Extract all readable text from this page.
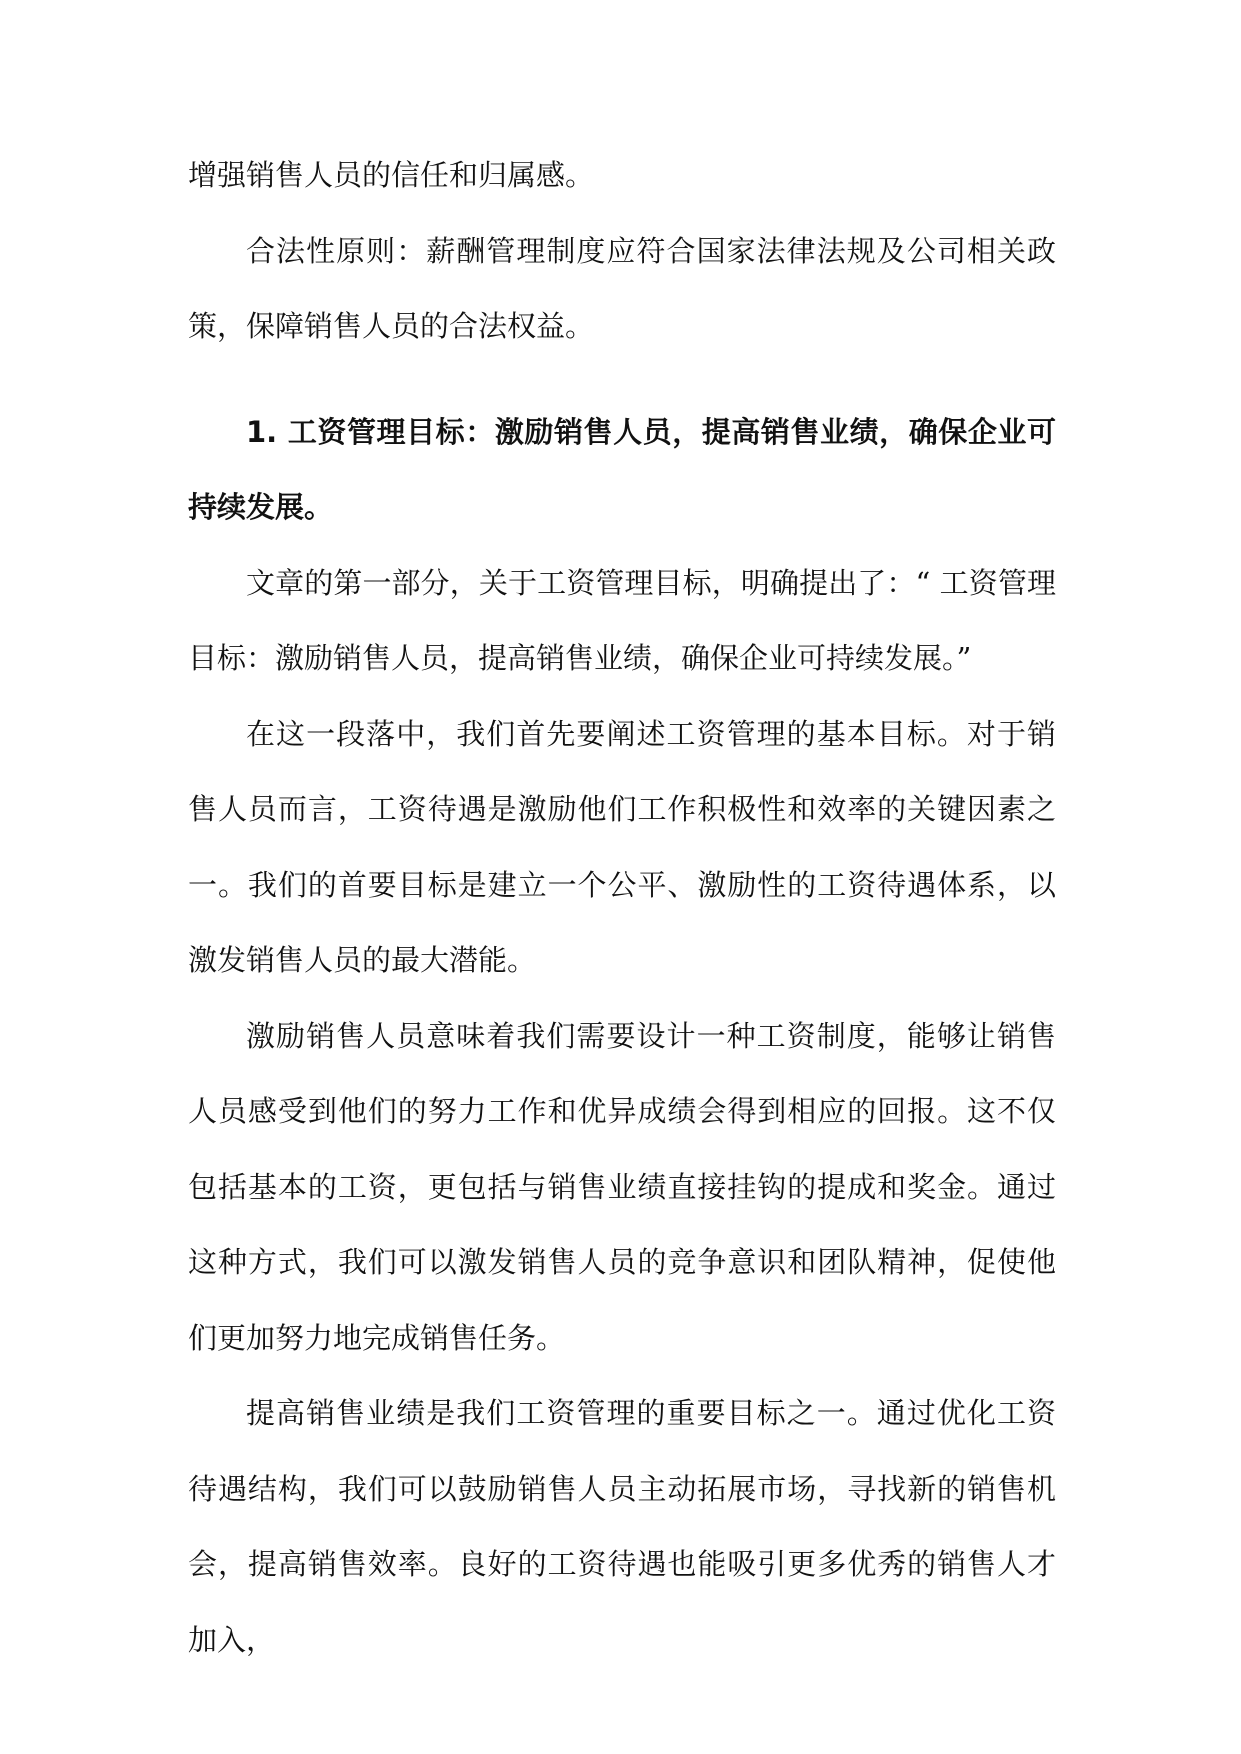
增强销售人员的信任和归属感。

合法性原则：薪酬管理制度应符合国家法律法规及公司相关政策，保障销售人员的合法权益。

1. 工资管理目标：激励销售人员，提高销售业绩，确保企业可持续发展。

文章的第一部分，关于工资管理目标，明确提出了：“ 工资管理目标：激励销售人员，提高销售业绩，确保企业可持续发展。”

在这一段落中，我们首先要阐述工资管理的基本目标。对于销售人员而言，工资待遇是激励他们工作积极性和效率的关键因素之一。我们的首要目标是建立一个公平、激励性的工资待遇体系，以激发销售人员的最大潜能。

激励销售人员意味着我们需要设计一种工资制度，能够让销售人员感受到他们的努力工作和优异成绩会得到相应的回报。这不仅包括基本的工资，更包括与销售业绩直接挂钩的提成和奖金。通过这种方式，我们可以激发销售人员的竞争意识和团队精神，促使他们更加努力地完成销售任务。

提高销售业绩是我们工资管理的重要目标之一。通过优化工资待遇结构，我们可以鼓励销售人员主动拓展市场，寻找新的销售机会，提高销售效率。良好的工资待遇也能吸引更多优秀的销售人才加入，
